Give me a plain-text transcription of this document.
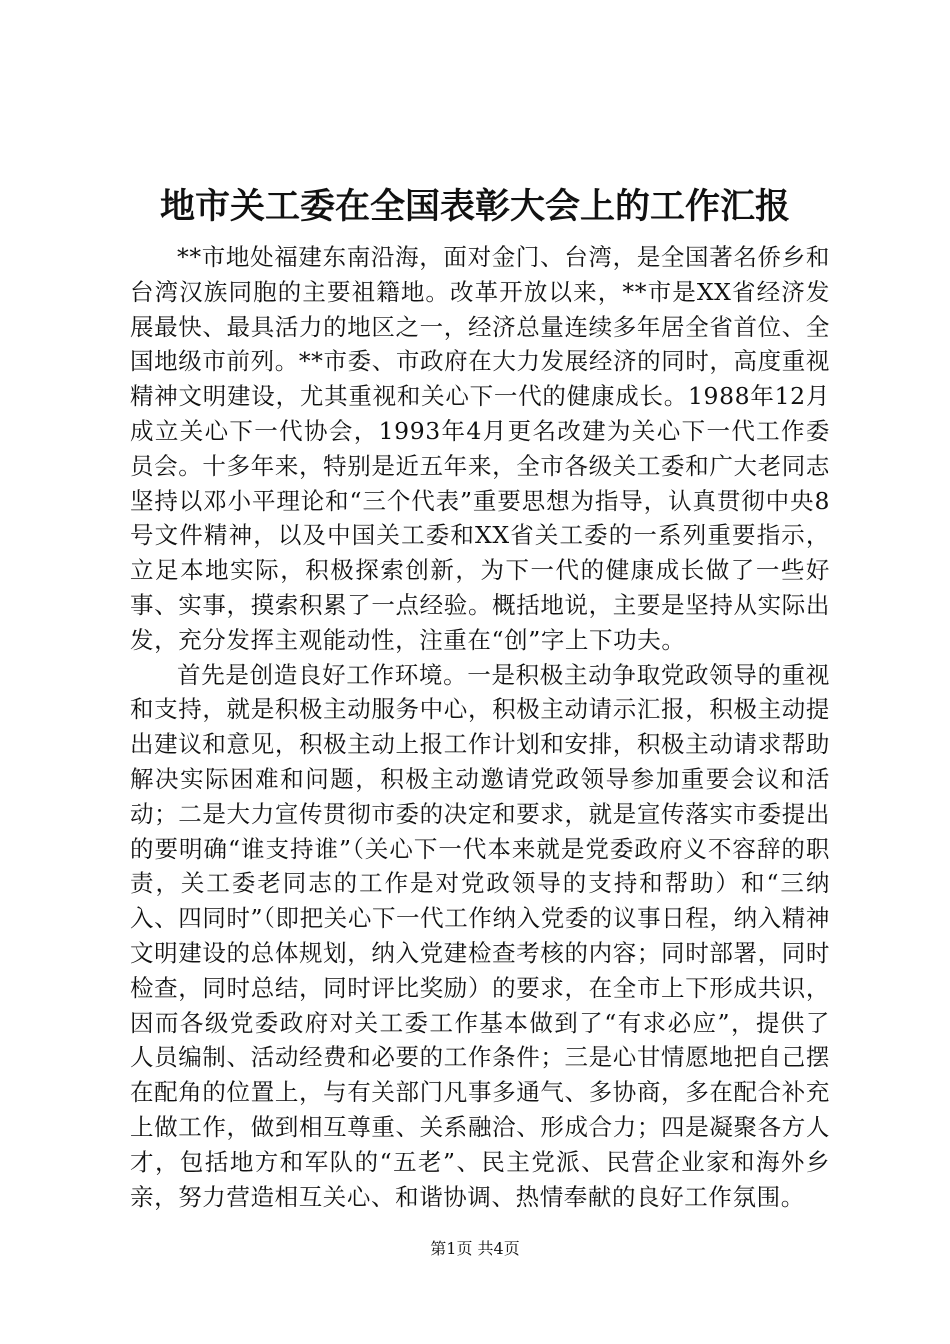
地市关工委在全国表彰大会上的工作汇报

**市地处福建东南沿海，面对金门、台湾，是全国著名侨乡和台湾汉族同胞的主要祖籍地。改革开放以来，**市是XX省经济发展最快、最具活力的地区之一，经济总量连续多年居全省首位、全国地级市前列。**市委、市政府在大力发展经济的同时，高度重视精神文明建设，尤其重视和关心下一代的健康成长。1988年12月成立关心下一代协会，1993年4月更名改建为关心下一代工作委员会。十多年来，特别是近五年来，全市各级关工委和广大老同志坚持以邓小平理论和“三个代表”重要思想为指导，认真贯彻中央8号文件精神，以及中国关工委和XX省关工委的一系列重要指示，立足本地实际，积极探索创新，为下一代的健康成长做了一些好事、实事，摸索积累了一点经验。概括地说，主要是坚持从实际出发，充分发挥主观能动性，注重在“创”字上下功夫。

首先是创造良好工作环境。一是积极主动争取党政领导的重视和支持，就是积极主动服务中心，积极主动请示汇报，积极主动提出建议和意见，积极主动上报工作计划和安排，积极主动请求帮助解决实际困难和问题，积极主动邀请党政领导参加重要会议和活动；二是大力宣传贯彻市委的决定和要求，就是宣传落实市委提出的要明确“谁支持谁”（关心下一代本来就是党委政府义不容辞的职责，关工委老同志的工作是对党政领导的支持和帮助）和“三纳入、四同时”（即把关心下一代工作纳入党委的议事日程，纳入精神文明建设的总体规划，纳入党建检查考核的内容；同时部署，同时检查，同时总结，同时评比奖励）的要求，在全市上下形成共识，因而各级党委政府对关工委工作基本做到了“有求必应”，提供了人员编制、活动经费和必要的工作条件；三是心甘情愿地把自己摆在配角的位置上，与有关部门凡事多通气、多协商，多在配合补充上做工作，做到相互尊重、关系融洽、形成合力；四是凝聚各方人才，包括地方和军队的“五老”、民主党派、民营企业家和海外乡亲，努力营造相互关心、和谐协调、热情奉献的良好工作氛围。

第1页 共4页
